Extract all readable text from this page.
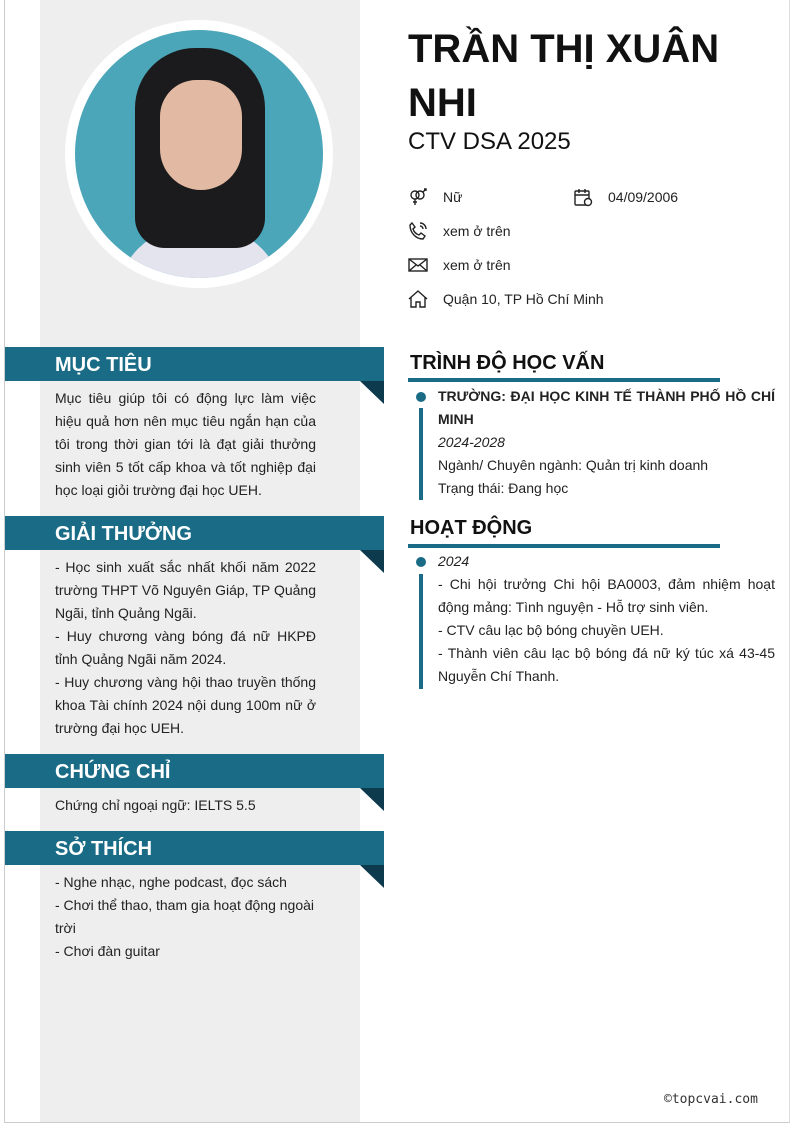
TRẦN THỊ XUÂN NHI
CTV DSA 2025
Nữ	04/09/2006
xem ở trên
xem ở trên
Quận 10, TP Hồ Chí Minh
MỤC TIÊU
Mục tiêu giúp tôi có động lực làm việc hiệu quả hơn nên mục tiêu ngắn hạn của tôi trong thời gian tới là đạt giải thưởng sinh viên 5 tốt cấp khoa và tốt nghiệp đại học loại giỏi trường đại học UEH.
GIẢI THƯỞNG
- Học sinh xuất sắc nhất khối năm 2022 trường THPT Võ Nguyên Giáp, TP Quảng Ngãi, tỉnh Quảng Ngãi.
- Huy chương vàng bóng đá nữ HKPĐ tỉnh Quảng Ngãi năm 2024.
- Huy chương vàng hội thao truyền thống khoa Tài chính 2024 nội dung 100m nữ ở trường đại học UEH.
CHỨNG CHỈ
Chứng chỉ ngoại ngữ: IELTS 5.5
SỞ THÍCH
- Nghe nhạc, nghe podcast, đọc sách
- Chơi thể thao, tham gia hoạt động ngoài trời
- Chơi đàn guitar
TRÌNH ĐỘ HỌC VẤN
TRƯỜNG: ĐẠI HỌC KINH TẾ THÀNH PHỐ HỒ CHÍ MINH
2024-2028
Ngành/ Chuyên ngành: Quản trị kinh doanh
Trạng thái: Đang học
HOẠT ĐỘNG
2024
- Chi hội trưởng Chi hội BA0003, đảm nhiệm hoạt động mảng: Tình nguyện - Hỗ trợ sinh viên.
- CTV câu lạc bộ bóng chuyền UEH.
- Thành viên câu lạc bộ bóng đá nữ ký túc xá 43-45 Nguyễn Chí Thanh.
©topcvai.com
